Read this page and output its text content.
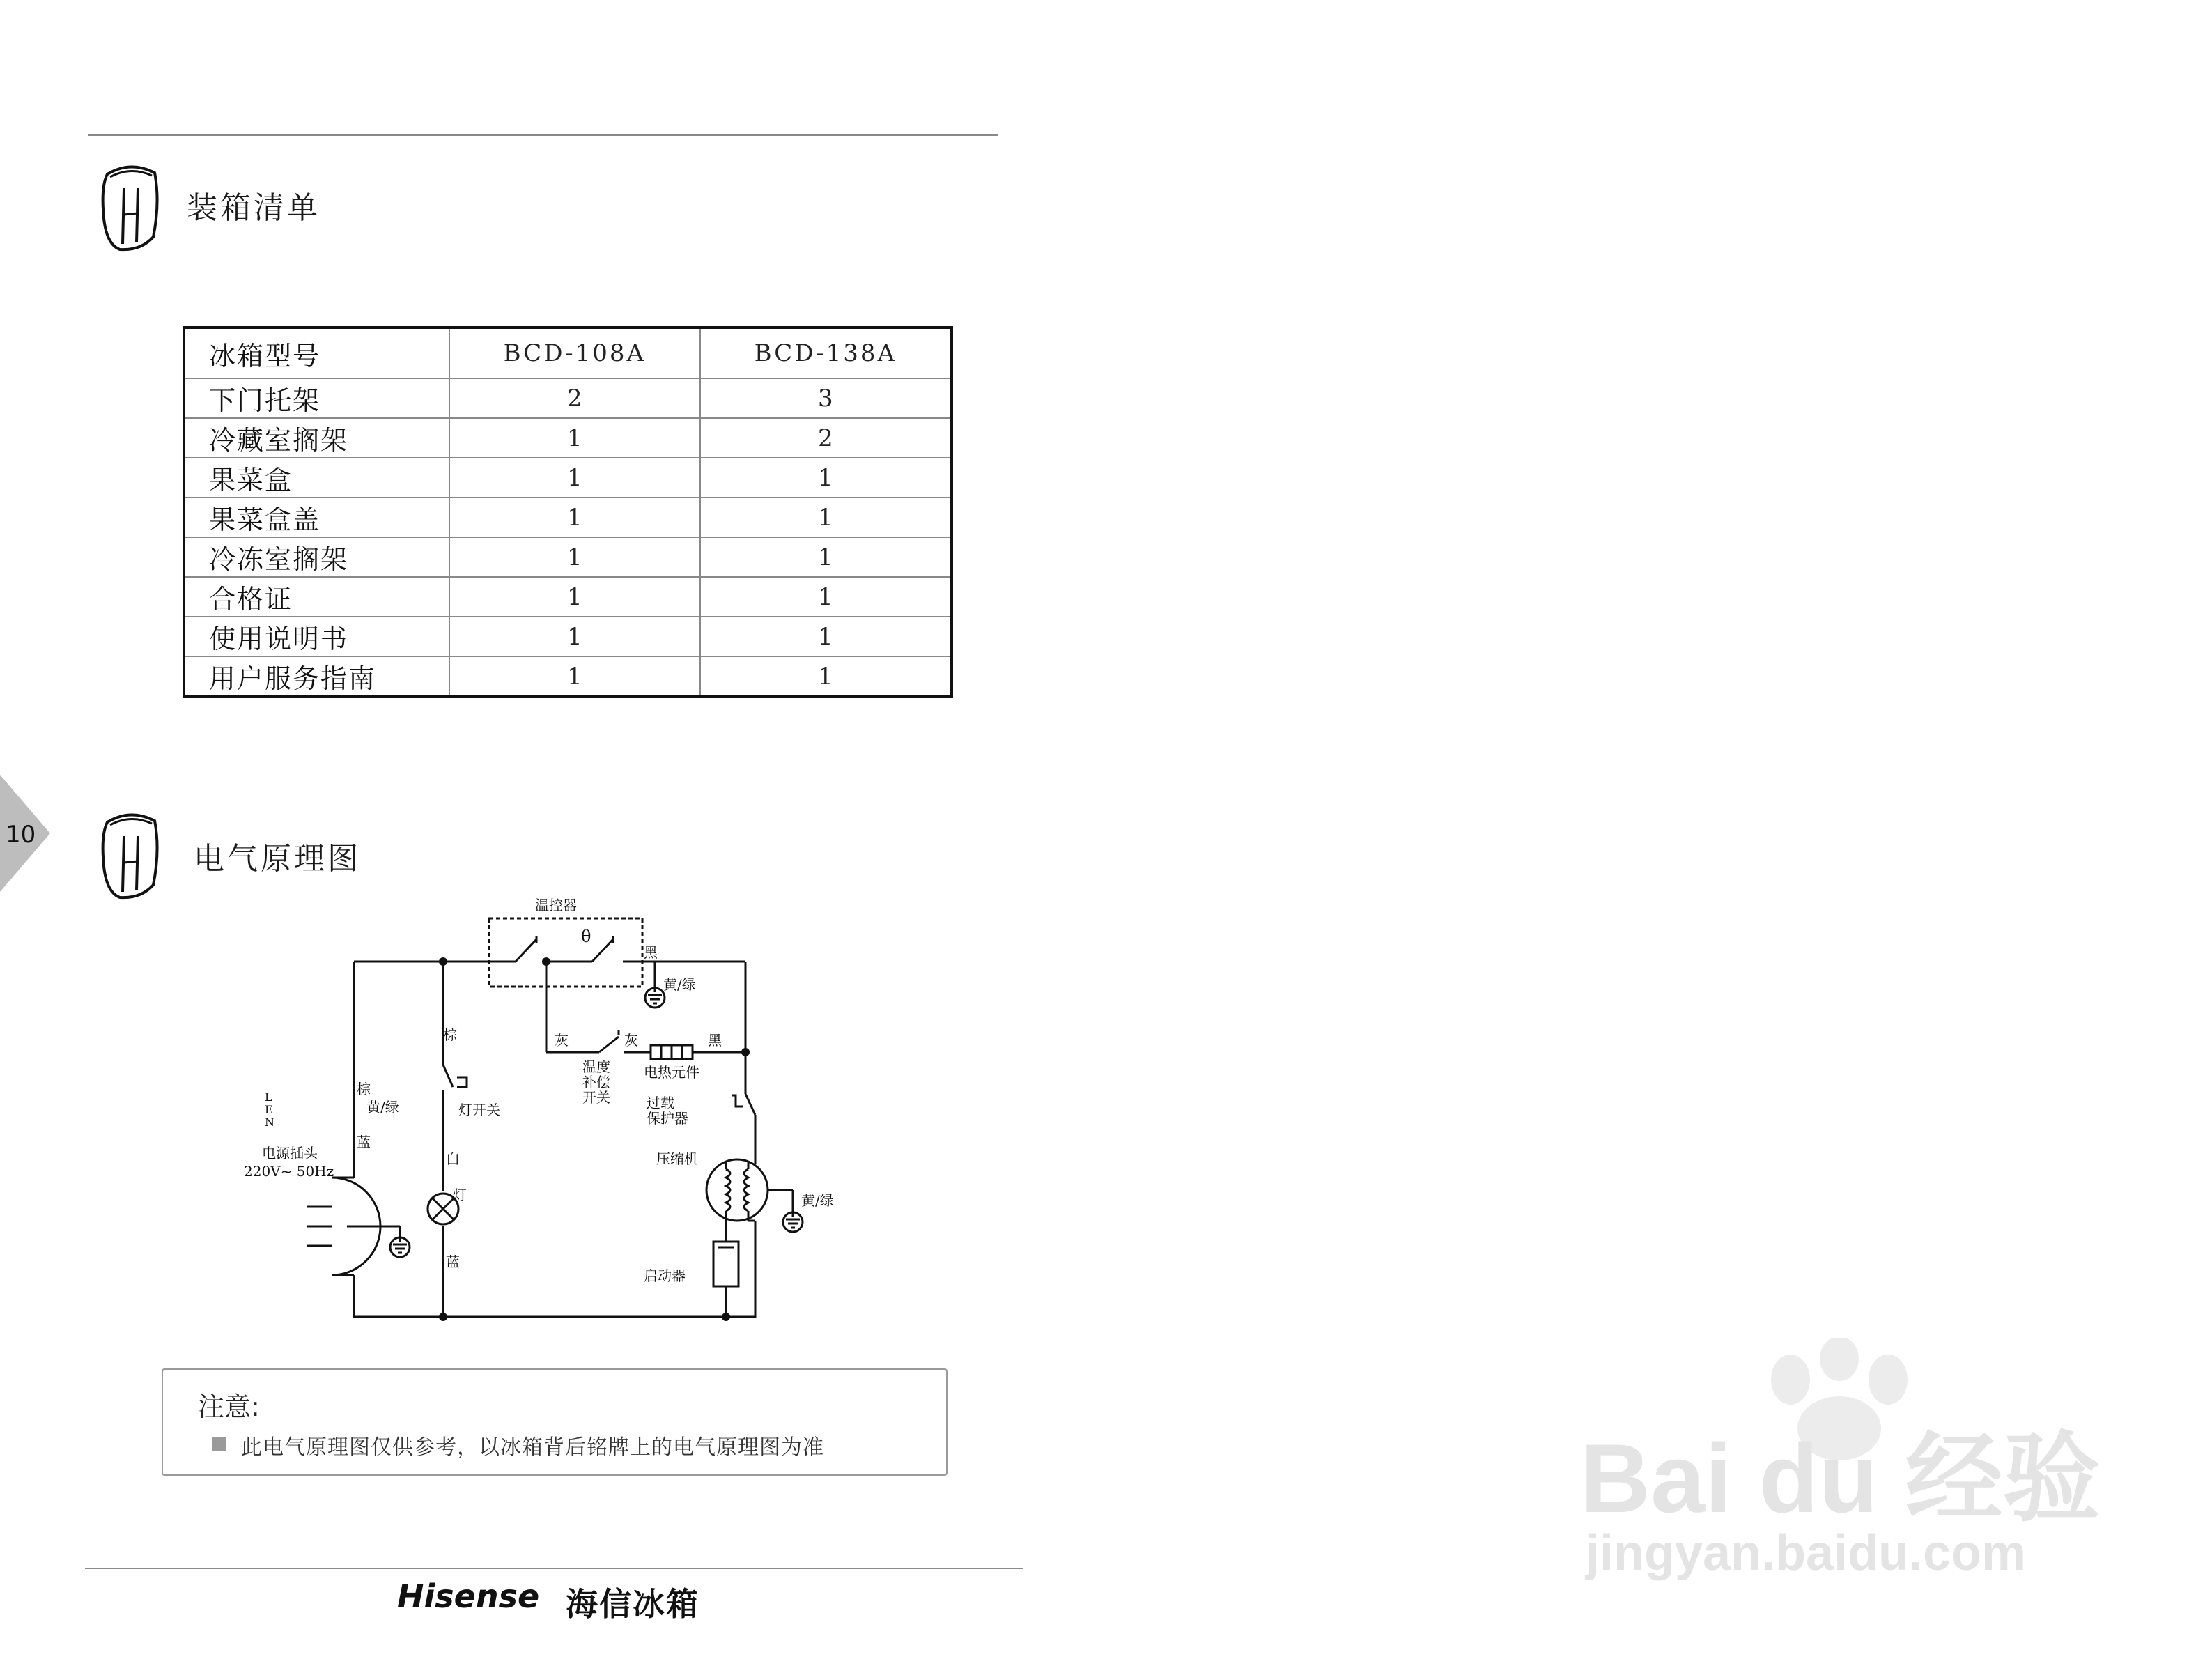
装箱清单
冰箱型号	BCD-108A	BCD-138A
下门托架	2	3
冷藏室搁架	1	2
果菜盒	1	1
果菜盒盖	1	1
冷冻室搁架	1	1
合格证	1	1
使用说明书	1	1
用户服务指南	1	1
10
电气原理图
温控器
θ
黑
黄/绿
灰	灰	黑
温度
补偿
开关
电热元件
棕
灯开关
棕
黄/绿
蓝
L
E
N
电源插头
220V~ 50Hz
白
灯
蓝
过载
保护器
压缩机
黄/绿
启动器
注意:
此电气原理图仅供参考，以冰箱背后铭牌上的电气原理图为准
Hisense 海信冰箱
Bai du 经验
jingyan.baidu.com
